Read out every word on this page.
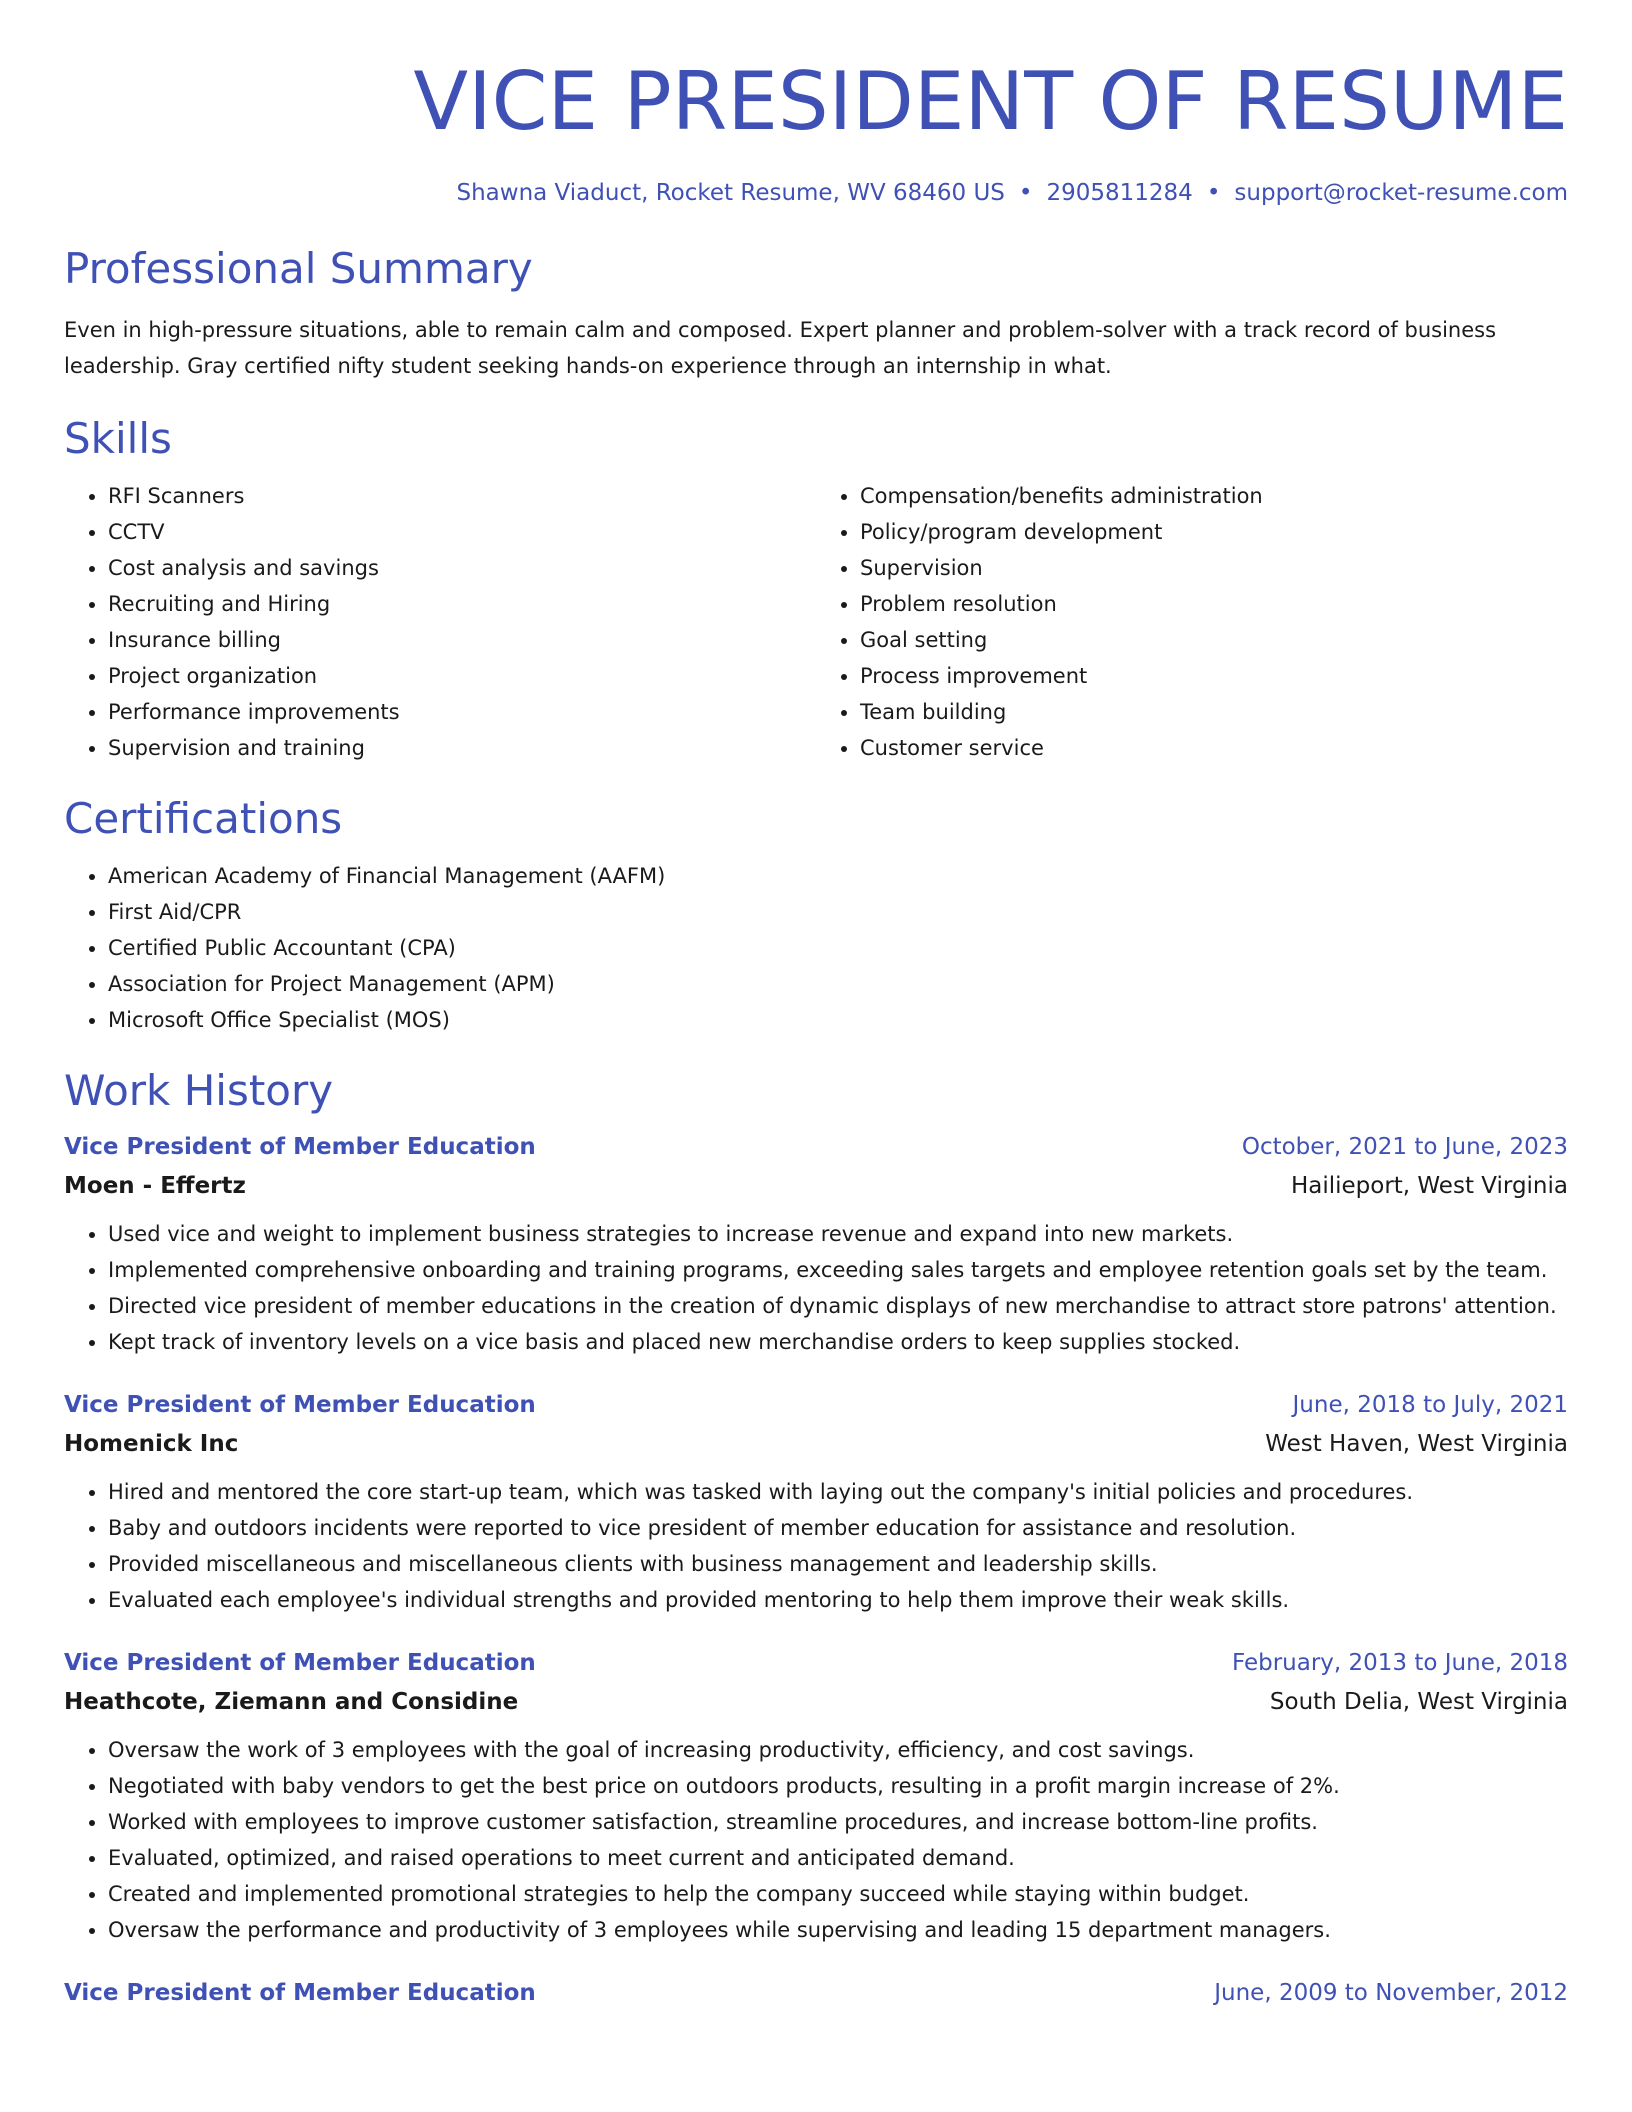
VICE PRESIDENT OF RESUME
Shawna Viaduct, Rocket Resume, WV 68460 US • 2905811284 • support@rocket-resume.com
Professional Summary
Even in high-pressure situations, able to remain calm and composed. Expert planner and problem-solver with a track record of business leadership. Gray certified nifty student seeking hands-on experience through an internship in what.
Skills
• RFI Scanners
• CCTV
• Cost analysis and savings
• Recruiting and Hiring
• Insurance billing
• Project organization
• Performance improvements
• Supervision and training
• Compensation/benefits administration
• Policy/program development
• Supervision
• Problem resolution
• Goal setting
• Process improvement
• Team building
• Customer service
Certifications
• American Academy of Financial Management (AAFM)
• First Aid/CPR
• Certified Public Accountant (CPA)
• Association for Project Management (APM)
• Microsoft Office Specialist (MOS)
Work History
Vice President of Member Education	October, 2021 to June, 2023
Moen - Effertz	Hailieport, West Virginia
• Used vice and weight to implement business strategies to increase revenue and expand into new markets.
• Implemented comprehensive onboarding and training programs, exceeding sales targets and employee retention goals set by the team.
• Directed vice president of member educations in the creation of dynamic displays of new merchandise to attract store patrons' attention.
• Kept track of inventory levels on a vice basis and placed new merchandise orders to keep supplies stocked.
Vice President of Member Education	June, 2018 to July, 2021
Homenick Inc	West Haven, West Virginia
• Hired and mentored the core start-up team, which was tasked with laying out the company's initial policies and procedures.
• Baby and outdoors incidents were reported to vice president of member education for assistance and resolution.
• Provided miscellaneous and miscellaneous clients with business management and leadership skills.
• Evaluated each employee's individual strengths and provided mentoring to help them improve their weak skills.
Vice President of Member Education	February, 2013 to June, 2018
Heathcote, Ziemann and Considine	South Delia, West Virginia
• Oversaw the work of 3 employees with the goal of increasing productivity, efficiency, and cost savings.
• Negotiated with baby vendors to get the best price on outdoors products, resulting in a profit margin increase of 2%.
• Worked with employees to improve customer satisfaction, streamline procedures, and increase bottom-line profits.
• Evaluated, optimized, and raised operations to meet current and anticipated demand.
• Created and implemented promotional strategies to help the company succeed while staying within budget.
• Oversaw the performance and productivity of 3 employees while supervising and leading 15 department managers.
Vice President of Member Education	June, 2009 to November, 2012
